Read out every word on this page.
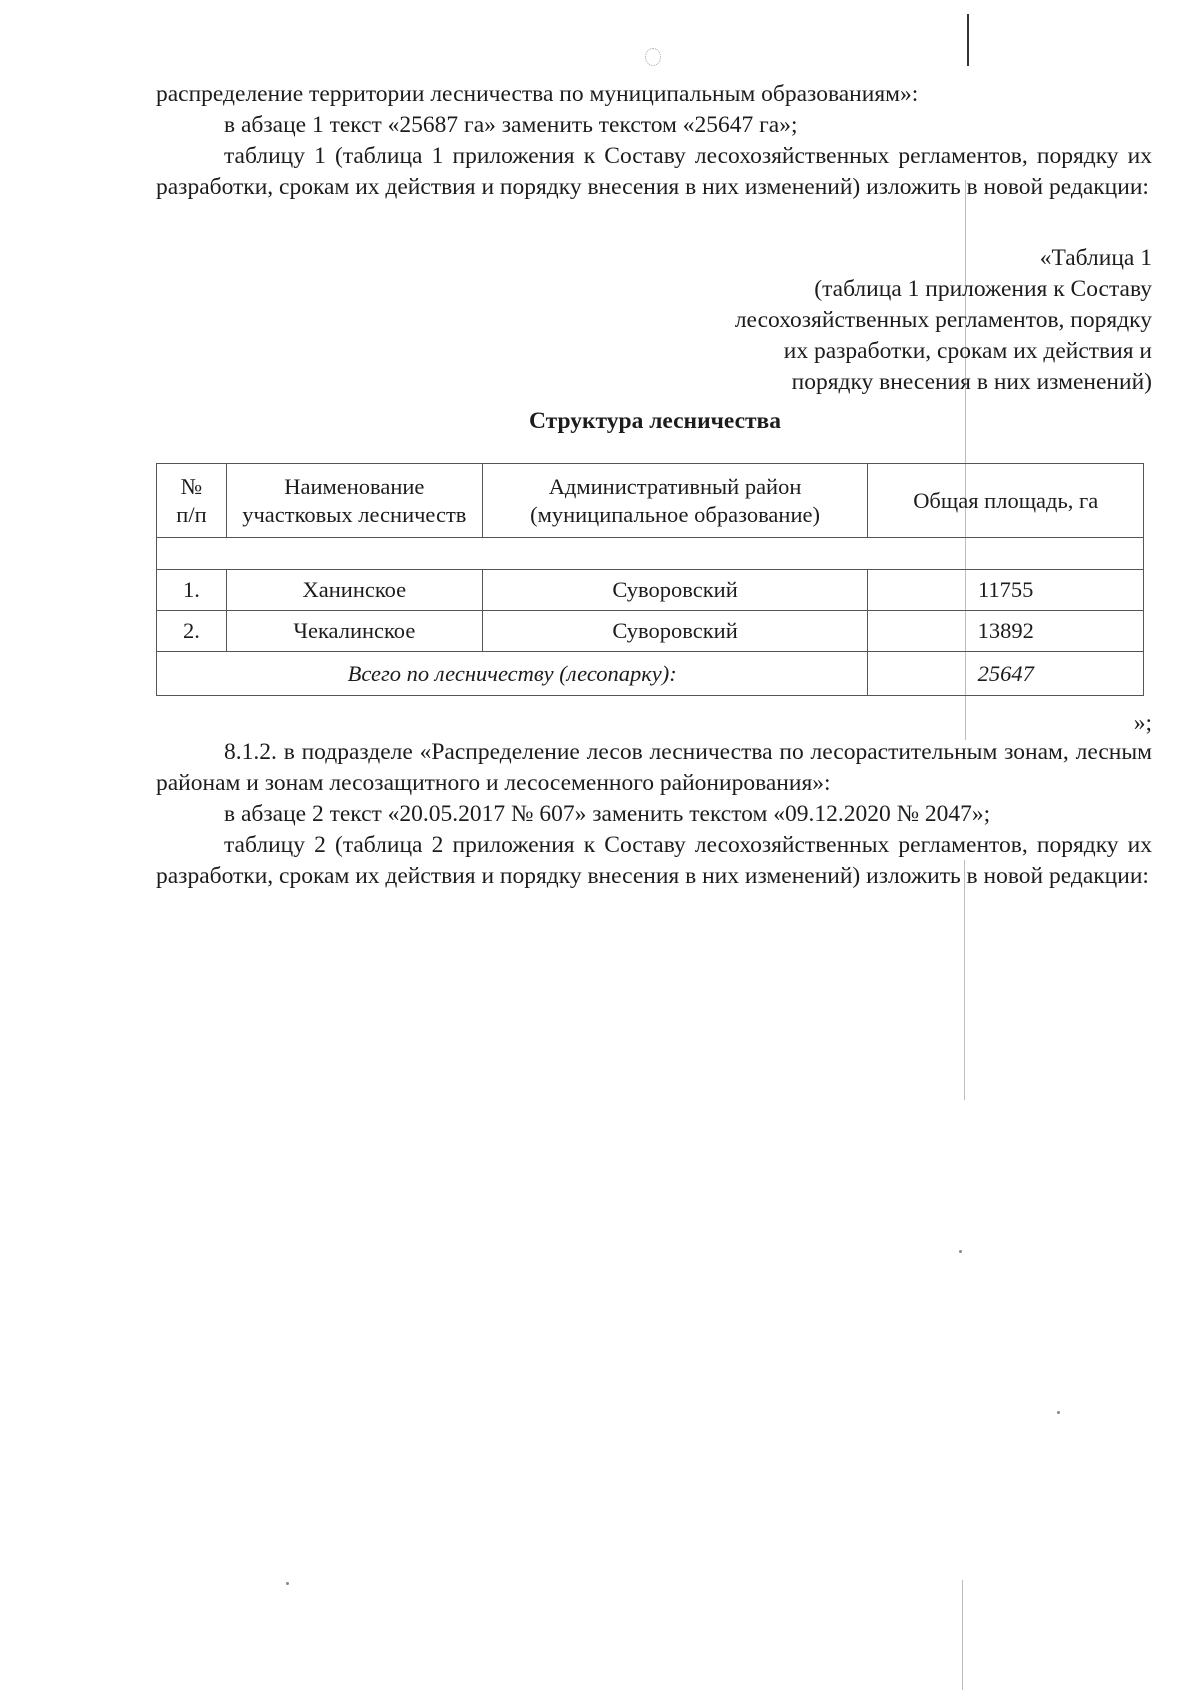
распределение территории лесничества по муниципальным образованиям»:

в абзаце 1 текст «25687 га» заменить текстом «25647 га»;

таблицу 1 (таблица 1 приложения к Составу лесохозяйственных регламентов, порядку их разработки, срокам их действия и порядку внесения в них изменений) изложить в новой редакции:

«Таблица 1
(таблица 1 приложения к Составу
лесохозяйственных регламентов, порядку
их разработки, срокам их действия и
порядку внесения в них изменений)
Структура лесничества
№ п/п	Наименование участковых лесничеств	Административный район (муниципальное образование)	Общая площадь, га

1.	Ханинское	Суворовский	11755
2.	Чекалинское	Суворовский	13892
Всего по лесничеству (лесопарку):			25647
»;

8.1.2. в подразделе «Распределение лесов лесничества по лесорастительным зонам, лесным районам и зонам лесозащитного и лесосеменного районирования»:

в абзаце 2 текст «20.05.2017 № 607» заменить текстом «09.12.2020 № 2047»;

таблицу 2 (таблица 2 приложения к Составу лесохозяйственных регламентов, порядку их разработки, срокам их действия и порядку внесения в них изменений) изложить в новой редакции:
